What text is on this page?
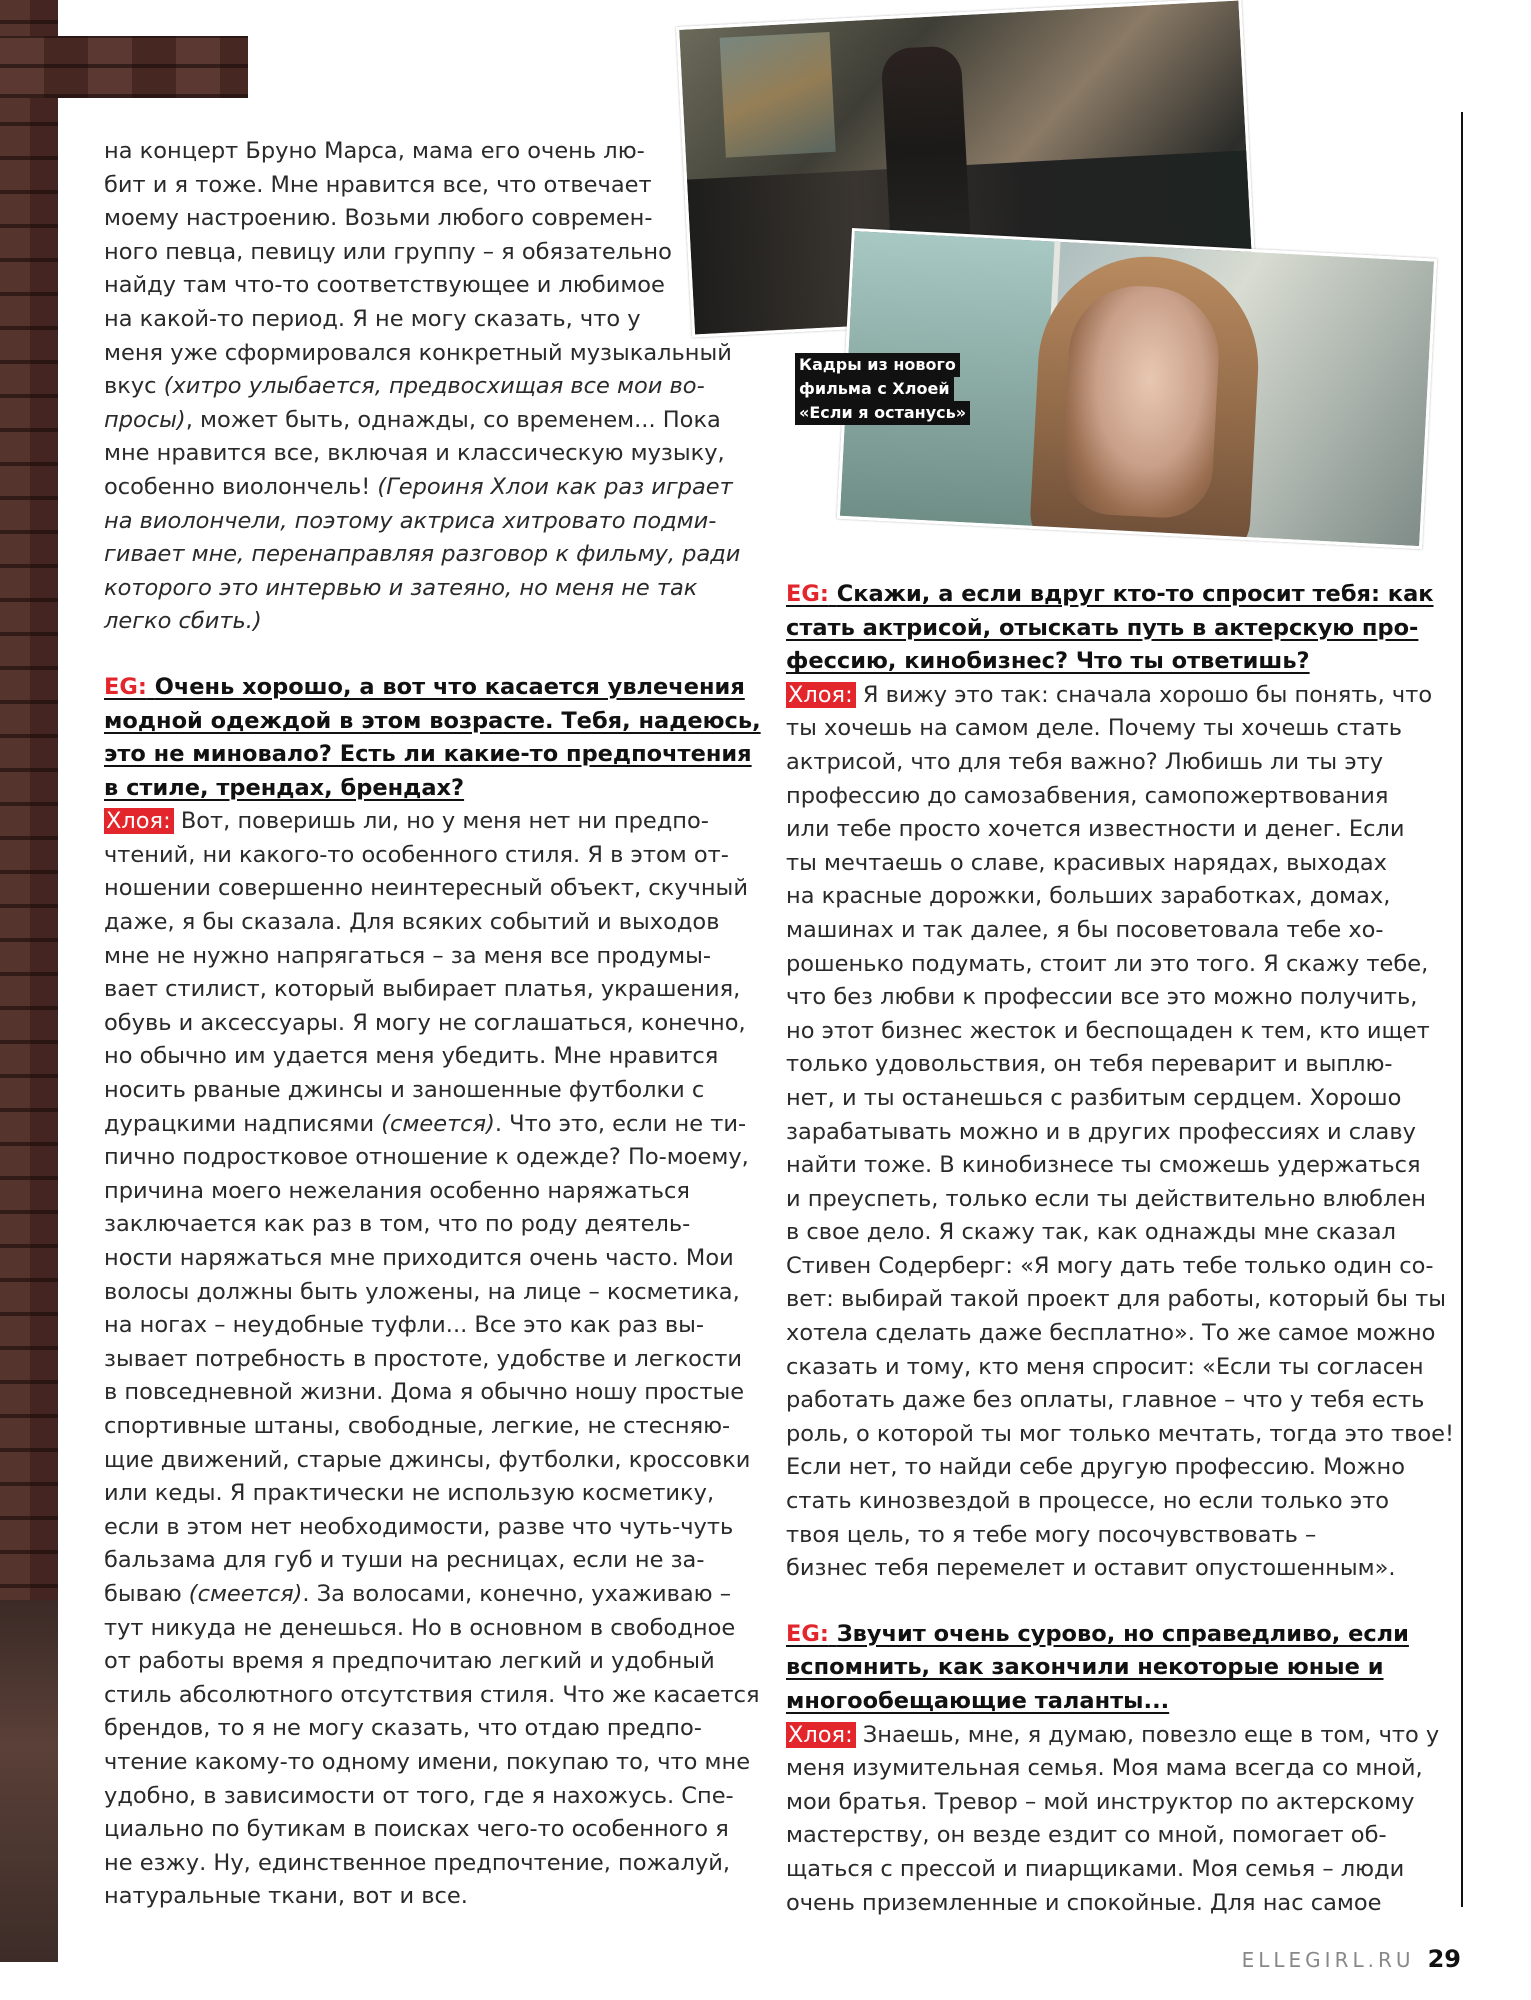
Кадры из нового
фильма с Хлоей
«Если я останусь»

на концерт Бруно Марса, мама его очень лю-

бит и я тоже. Мне нравится все, что отвечает

моему настроению. Возьми любого современ-

ного певца, певицу или группу – я обязательно

найду там что-то соответствующее и любимое

на какой-то период. Я не могу сказать, что у

меня уже сформировался конкретный музыкальный

вкус (хитро улыбается, предвосхищая все мои во-

просы), может быть, однажды, со временем... Пока

мне нравится все, включая и классическую музыку,

особенно виолончель! (Героиня Хлои как раз играет

на виолончели, поэтому актриса хитровато подми-

гивает мне, перенаправляя разговор к фильму, ради

которого это интервью и затеяно, но меня не так

легко сбить.)

EG: Очень хорошо, а вот что касается увлечения

модной одеждой в этом возрасте. Тебя, надеюсь,

это не миновало? Есть ли какие-то предпочтения

в стиле, трендах, брендах?

Хлоя: Вот, поверишь ли, но у меня нет ни предпо-

чтений, ни какого-то особенного стиля. Я в этом от-

ношении совершенно неинтересный объект, скучный

даже, я бы сказала. Для всяких событий и выходов

мне не нужно напрягаться – за меня все продумы-

вает стилист, который выбирает платья, украшения,

обувь и аксессуары. Я могу не соглашаться, конечно,

но обычно им удается меня убедить. Мне нравится

носить рваные джинсы и заношенные футболки с

дурацкими надписями (смеется). Что это, если не ти-

пично подростковое отношение к одежде? По-моему,

причина моего нежелания особенно наряжаться

заключается как раз в том, что по роду деятель-

ности наряжаться мне приходится очень часто. Мои

волосы должны быть уложены, на лице – косметика,

на ногах – неудобные туфли... Все это как раз вы-

зывает потребность в простоте, удобстве и легкости

в повседневной жизни. Дома я обычно ношу простые

спортивные штаны, свободные, легкие, не стесняю-

щие движений, старые джинсы, футболки, кроссовки

или кеды. Я практически не использую косметику,

если в этом нет необходимости, разве что чуть-чуть

бальзама для губ и туши на ресницах, если не за-

бываю (смеется). За волосами, конечно, ухаживаю –

тут никуда не денешься. Но в основном в свободное

от работы время я предпочитаю легкий и удобный

стиль абсолютного отсутствия стиля. Что же касается

брендов, то я не могу сказать, что отдаю предпо-

чтение какому-то одному имени, покупаю то, что мне

удобно, в зависимости от того, где я нахожусь. Спе-

циально по бутикам в поисках чего-то особенного я

не езжу. Ну, единственное предпочтение, пожалуй,

натуральные ткани, вот и все.

EG: Скажи, а если вдруг кто-то спросит тебя: как

стать актрисой, отыскать путь в актерскую про-

фессию, кинобизнес? Что ты ответишь?

Хлоя: Я вижу это так: сначала хорошо бы понять, что

ты хочешь на самом деле. Почему ты хочешь стать

актрисой, что для тебя важно? Любишь ли ты эту

профессию до самозабвения, самопожертвования

или тебе просто хочется известности и денег. Если

ты мечтаешь о славе, красивых нарядах, выходах

на красные дорожки, больших заработках, домах,

машинах и так далее, я бы посоветовала тебе хо-

рошенько подумать, стоит ли это того. Я скажу тебе,

что без любви к профессии все это можно получить,

но этот бизнес жесток и беспощаден к тем, кто ищет

только удовольствия, он тебя переварит и выплю-

нет, и ты останешься с разбитым сердцем. Хорошо

зарабатывать можно и в других профессиях и славу

найти тоже. В кинобизнесе ты сможешь удержаться

и преуспеть, только если ты действительно влюблен

в свое дело. Я скажу так, как однажды мне сказал

Стивен Содерберг: «Я могу дать тебе только один со-

вет: выбирай такой проект для работы, который бы ты

хотела сделать даже бесплатно». То же самое можно

сказать и тому, кто меня спросит: «Если ты согласен

работать даже без оплаты, главное – что у тебя есть

роль, о которой ты мог только мечтать, тогда это твое!

Если нет, то найди себе другую профессию. Можно

стать кинозвездой в процессе, но если только это

твоя цель, то я тебе могу посочувствовать –

бизнес тебя перемелет и оставит опустошенным».

EG: Звучит очень сурово, но справедливо, если

вспомнить, как закончили некоторые юные и

многообещающие таланты...

Хлоя: Знаешь, мне, я думаю, повезло еще в том, что у

меня изумительная семья. Моя мама всегда со мной,

мои братья. Тревор – мой инструктор по актерскому

мастерству, он везде ездит со мной, помогает об-

щаться с прессой и пиарщиками. Моя семья – люди

очень приземленные и спокойные. Для нас самое

ELLEGIRL.RU 29
